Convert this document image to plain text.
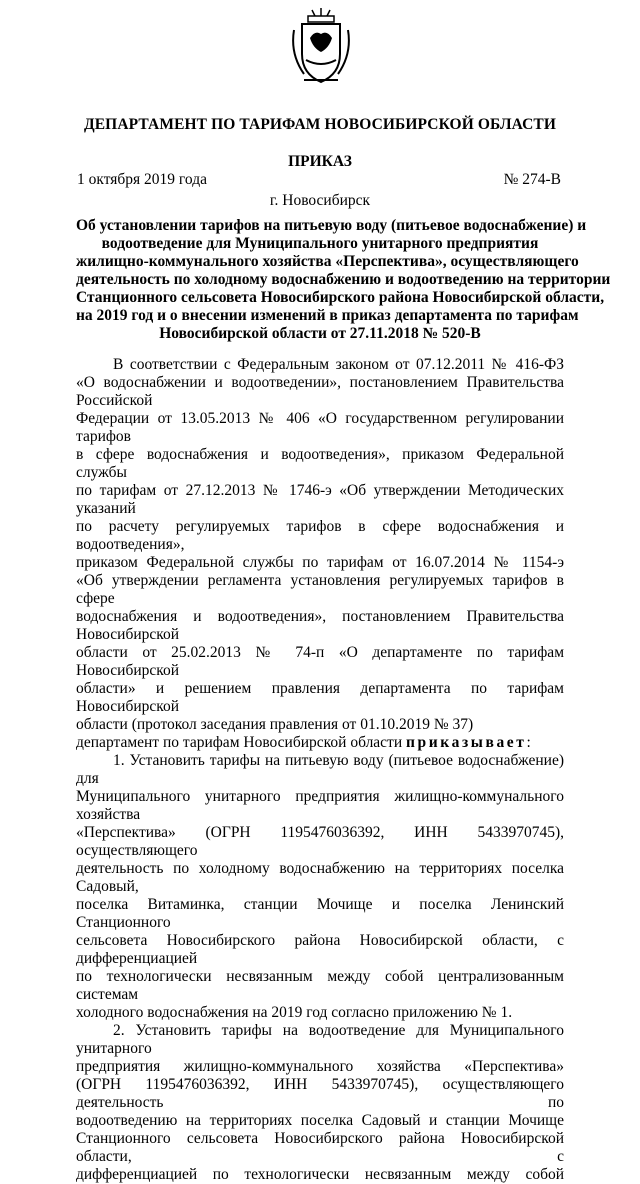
ДЕПАРТАМЕНТ ПО ТАРИФАМ НОВОСИБИРСКОЙ ОБЛАСТИ
ПРИКАЗ
1 октября 2019 года	№ 274-В
г. Новосибирск
Об установлении тарифов на питьевую воду (питьевое водоснабжение) и
водоотведение для Муниципального унитарного предприятия
жилищно-коммунального хозяйства «Перспектива», осуществляющего
деятельность по холодному водоснабжению и водоотведению на территории
Станционного сельсовета Новосибирского района Новосибирской области,
на 2019 год и о внесении изменений в приказ департамента по тарифам
Новосибирской области от 27.11.2018 № 520-В

В соответствии с Федеральным законом от 07.12.2011 № 416-ФЗ

«О водоснабжении и водоотведении», постановлением Правительства Российской

Федерации от 13.05.2013 № 406 «О государственном регулировании тарифов

в сфере водоснабжения и водоотведения», приказом Федеральной службы

по тарифам от 27.12.2013 № 1746-э «Об утверждении Методических указаний

по расчету регулируемых тарифов в сфере водоснабжения и водоотведения»,

приказом Федеральной службы по тарифам от 16.07.2014 № 1154-э

«Об утверждении регламента установления регулируемых тарифов в сфере

водоснабжения и водоотведения», постановлением Правительства Новосибирской

области от 25.02.2013 № 74-п «О департаменте по тарифам Новосибирской

области» и решением правления департамента по тарифам Новосибирской

области (протокол заседания правления от 01.10.2019 № 37)

департамент по тарифам Новосибирской области приказывает:

1. Установить тарифы на питьевую воду (питьевое водоснабжение) для

Муниципального унитарного предприятия жилищно-коммунального хозяйства

«Перспектива» (ОГРН 1195476036392, ИНН 5433970745), осуществляющего

деятельность по холодному водоснабжению на территориях поселка Садовый,

поселка Витаминка, станции Мочище и поселка Ленинский Станционного

сельсовета Новосибирского района Новосибирской области, с дифференциацией

по технологически несвязанным между собой централизованным системам

холодного водоснабжения на 2019 год согласно приложению № 1.

2. Установить тарифы на водоотведение для Муниципального унитарного

предприятия жилищно-коммунального хозяйства «Перспектива»

(ОГРН 1195476036392, ИНН 5433970745), осуществляющего деятельность по

водоотведению на территориях поселка Садовый и станции Мочище

Станционного сельсовета Новосибирского района Новосибирской области, с

дифференциацией по технологически несвязанным между собой
